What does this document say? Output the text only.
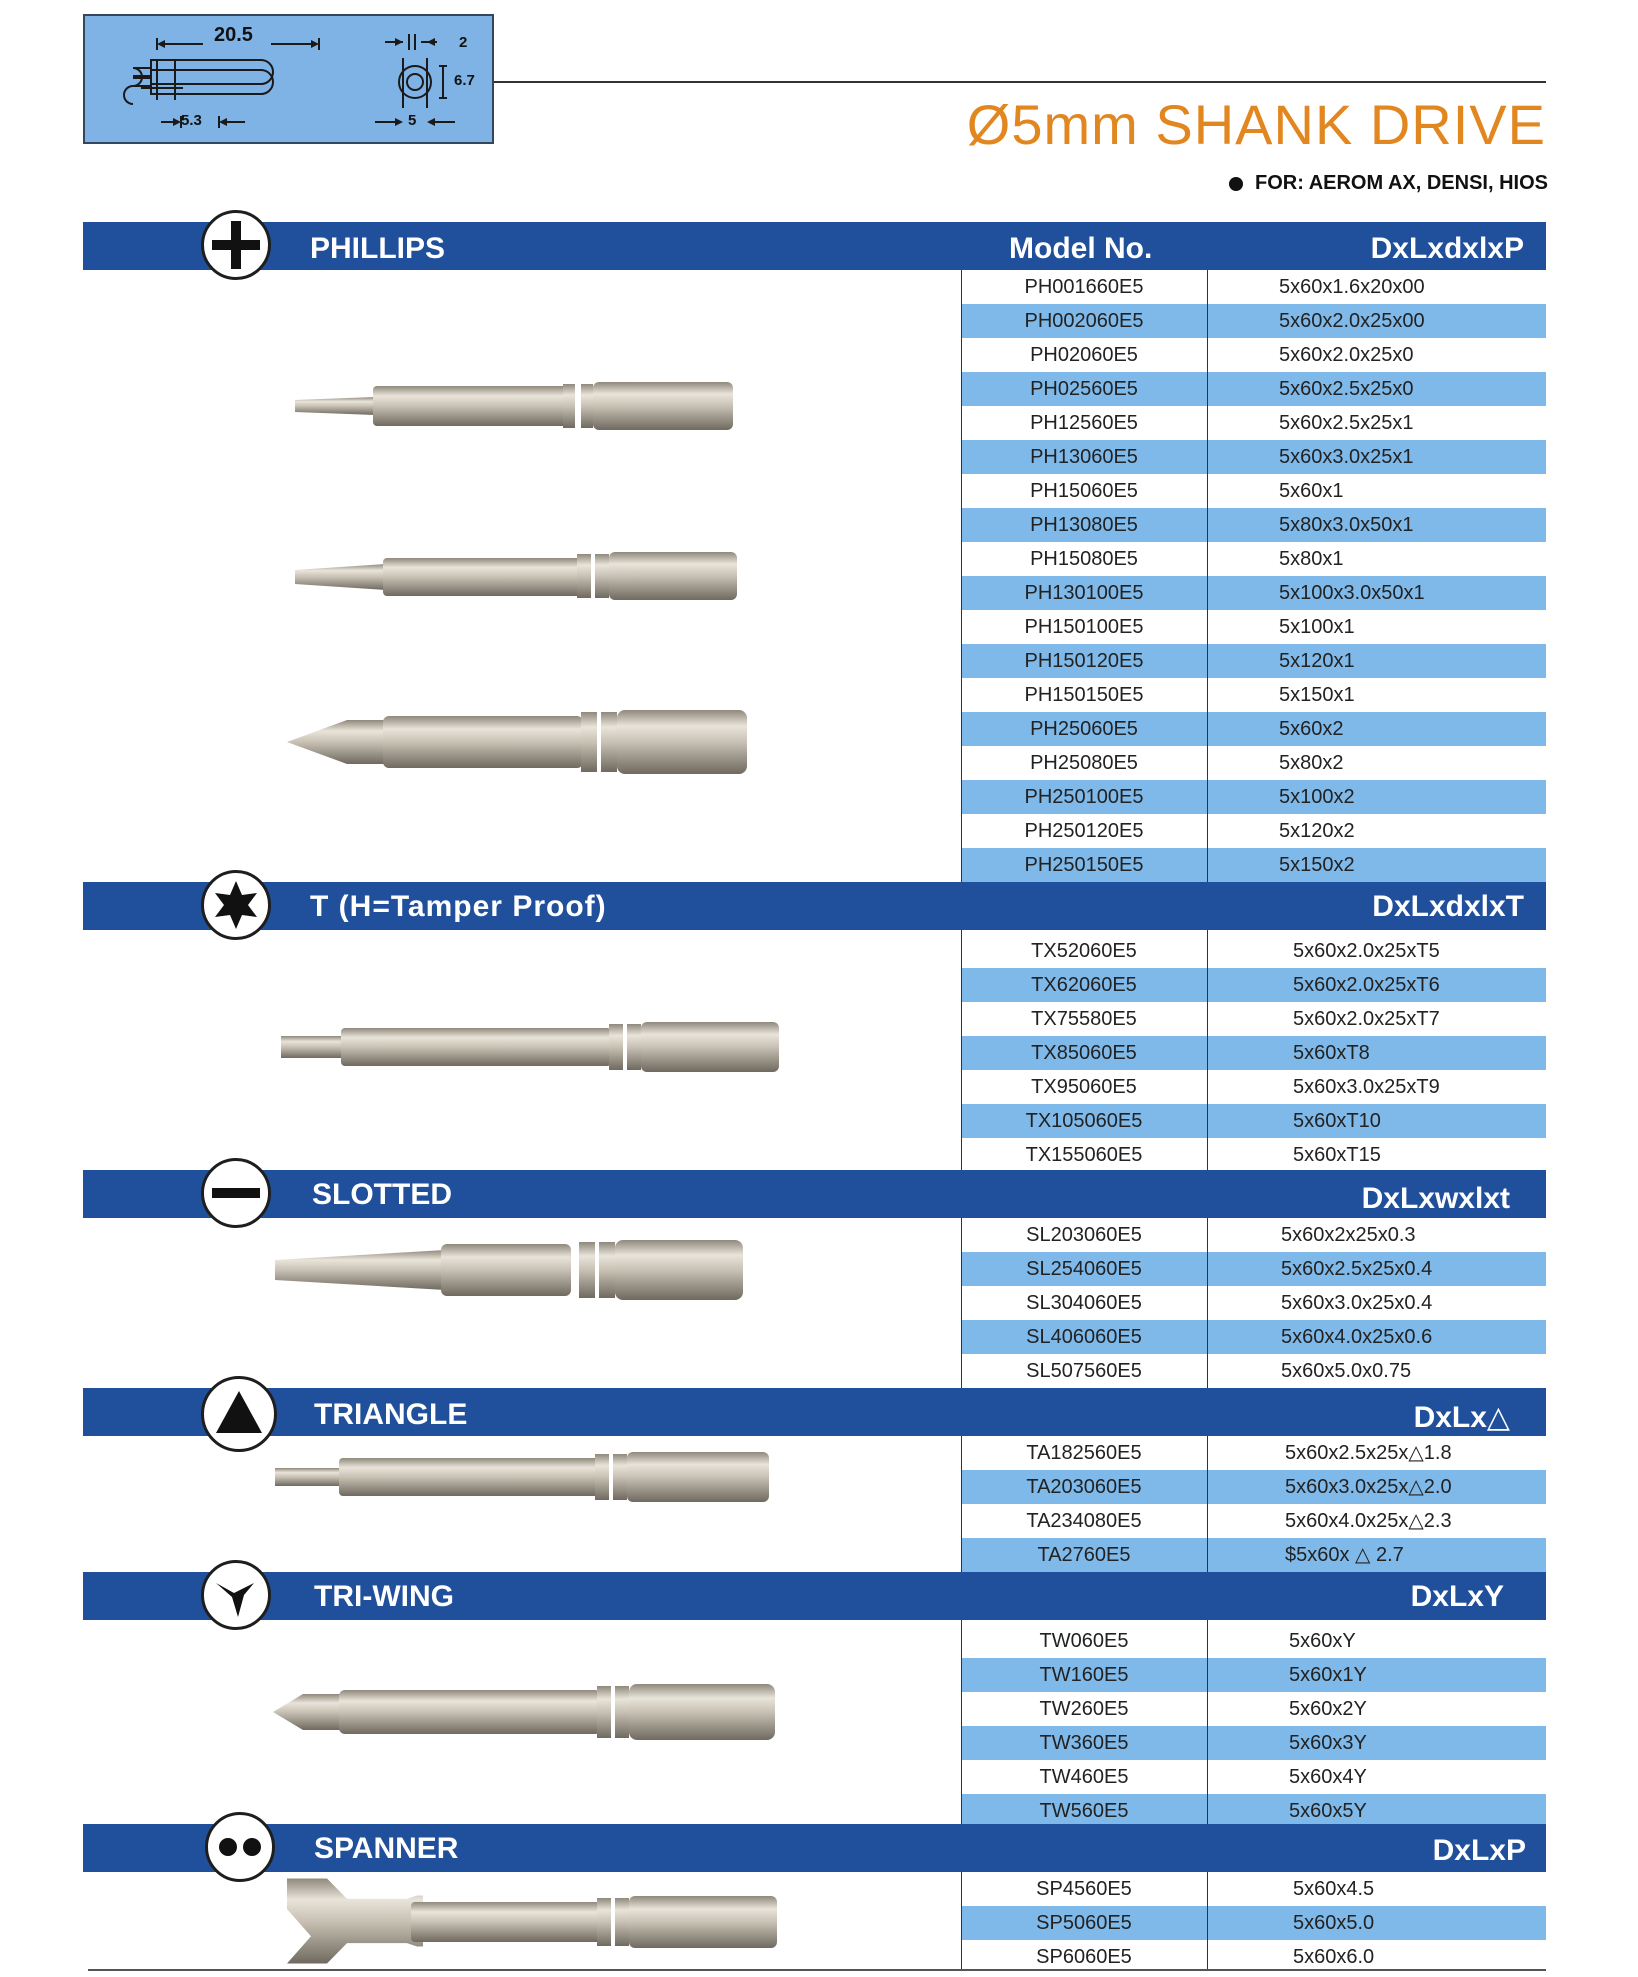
20.5
5.3
2
6.7
5	Ø5mm SHANK DRIVE
FOR: AEROM AX, DENSI, HIOS
PHILLIPS	Model No.	DxLxdxlxP
PH001660E5	5x60x1.6x20x00
PH002060E5	5x60x2.0x25x00
PH02060E5	5x60x2.0x25x0
PH02560E5	5x60x2.5x25x0
PH12560E5	5x60x2.5x25x1
PH13060E5	5x60x3.0x25x1
PH15060E5	5x60x1
PH13080E5	5x80x3.0x50x1
PH15080E5	5x80x1
PH130100E5	5x100x3.0x50x1
PH150100E5	5x100x1
PH150120E5	5x120x1
PH150150E5	5x150x1
PH25060E5	5x60x2
PH25080E5	5x80x2
PH250100E5	5x100x2
PH250120E5	5x120x2
PH250150E5	5x150x2
T (H=Tamper Proof)	DxLxdxlxT
TX52060E5	5x60x2.0x25xT5
TX62060E5	5x60x2.0x25xT6
TX75580E5	5x60x2.0x25xT7
TX85060E5	5x60xT8
TX95060E5	5x60x3.0x25xT9
TX105060E5	5x60xT10
TX155060E5	5x60xT15
SLOTTED	DxLxwxlxt
SL203060E5	5x60x2x25x0.3
SL254060E5	5x60x2.5x25x0.4
SL304060E5	5x60x3.0x25x0.4
SL406060E5	5x60x4.0x25x0.6
SL507560E5	5x60x5.0x0.75
TRIANGLE	DxLx△
TA182560E5	5x60x2.5x25x△1.8
TA203060E5	5x60x3.0x25x△2.0
TA234080E5	5x60x4.0x25x△2.3
TA2760E5	$5x60x △ 2.7
TRI-WING	DxLxY
TW060E5	5x60xY
TW160E5	5x60x1Y
TW260E5	5x60x2Y
TW360E5	5x60x3Y
TW460E5	5x60x4Y
TW560E5	5x60x5Y
SPANNER	DxLxP
SP4560E5	5x60x4.5
SP5060E5	5x60x5.0
SP6060E5	5x60x6.0
